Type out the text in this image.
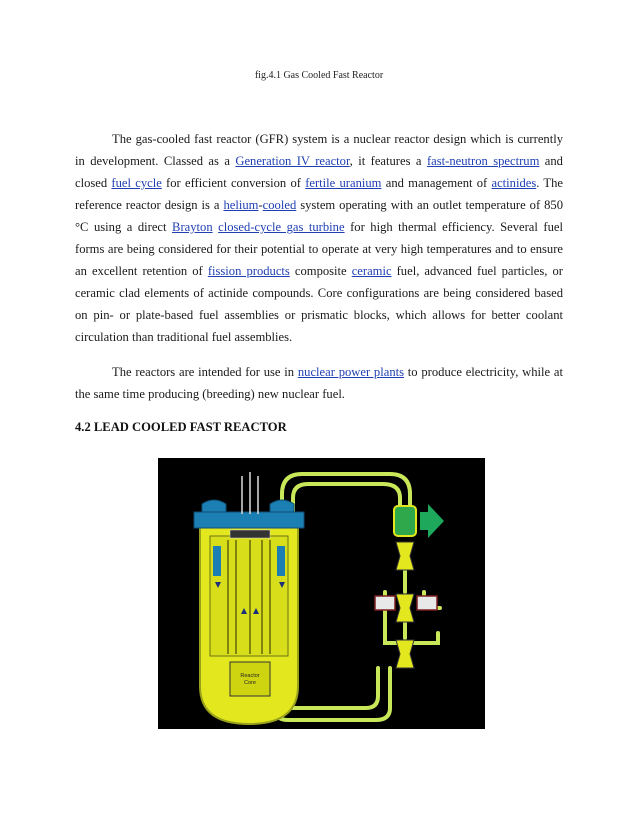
fig.4.1 Gas Cooled Fast Reactor

The gas-cooled fast reactor (GFR) system is a nuclear reactor design which is currently in development. Classed as a Generation IV reactor, it features a fast-neutron spectrum and closed fuel cycle for efficient conversion of fertile uranium and management of actinides. The reference reactor design is a helium-cooled system operating with an outlet temperature of 850 °C using a direct Brayton closed-cycle gas turbine for high thermal efficiency. Several fuel forms are being considered for their potential to operate at very high temperatures and to ensure an excellent retention of fission products composite ceramic fuel, advanced fuel particles, or ceramic clad elements of actinide compounds. Core configurations are being considered based on pin- or plate-based fuel assemblies or prismatic blocks, which allows for better coolant circulation than traditional fuel assemblies.

The reactors are intended for use in nuclear power plants to produce electricity, while at the same time producing (breeding) new nuclear fuel.

4.2 LEAD COOLED FAST REACTOR
Reactor
Core
